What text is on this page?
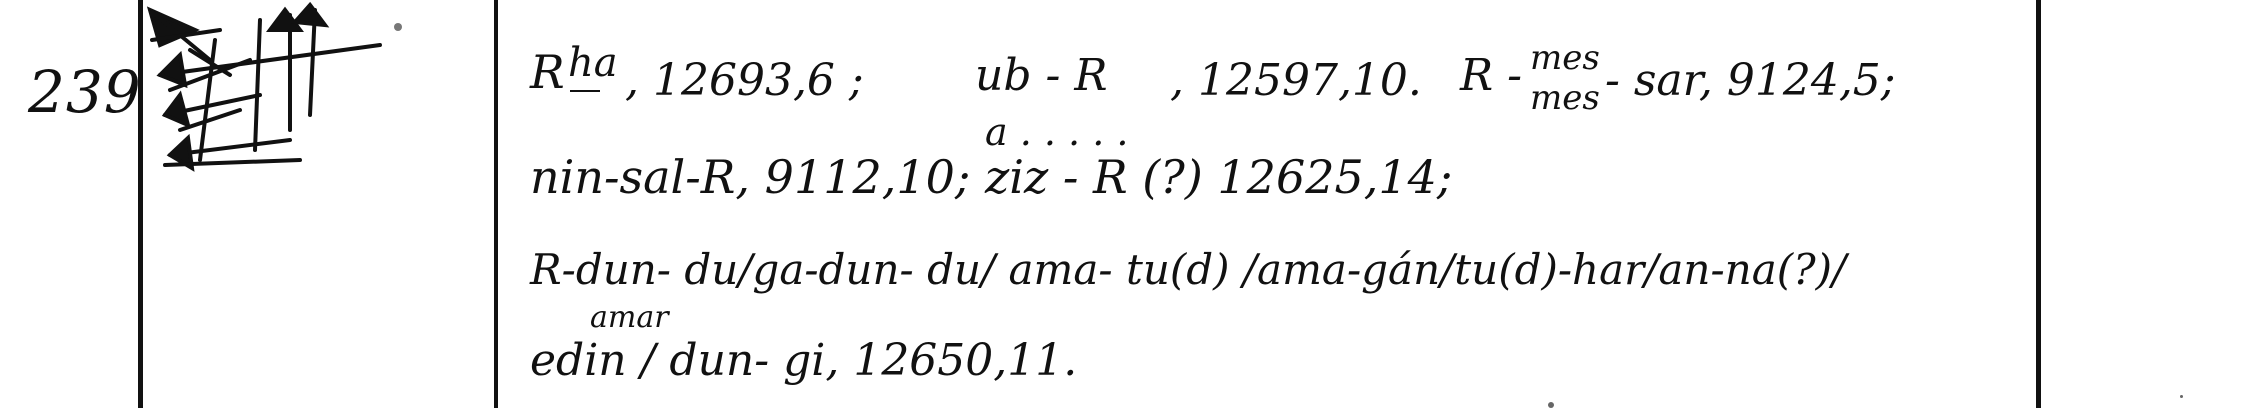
239	R ha , 12693,6 ;	ub - R
a . . . . .
, 12597,10. R - mes
mes - sar, 9124,5;
nin-sal-R, 9112,10; ziz - R (?) 12625,14;
R-dun- du/ga-dun- du/ ama- tu(d) /ama-gán/tu(d)-har/an-na(?)/
amar
edin / dun- gi, 12650,11.
